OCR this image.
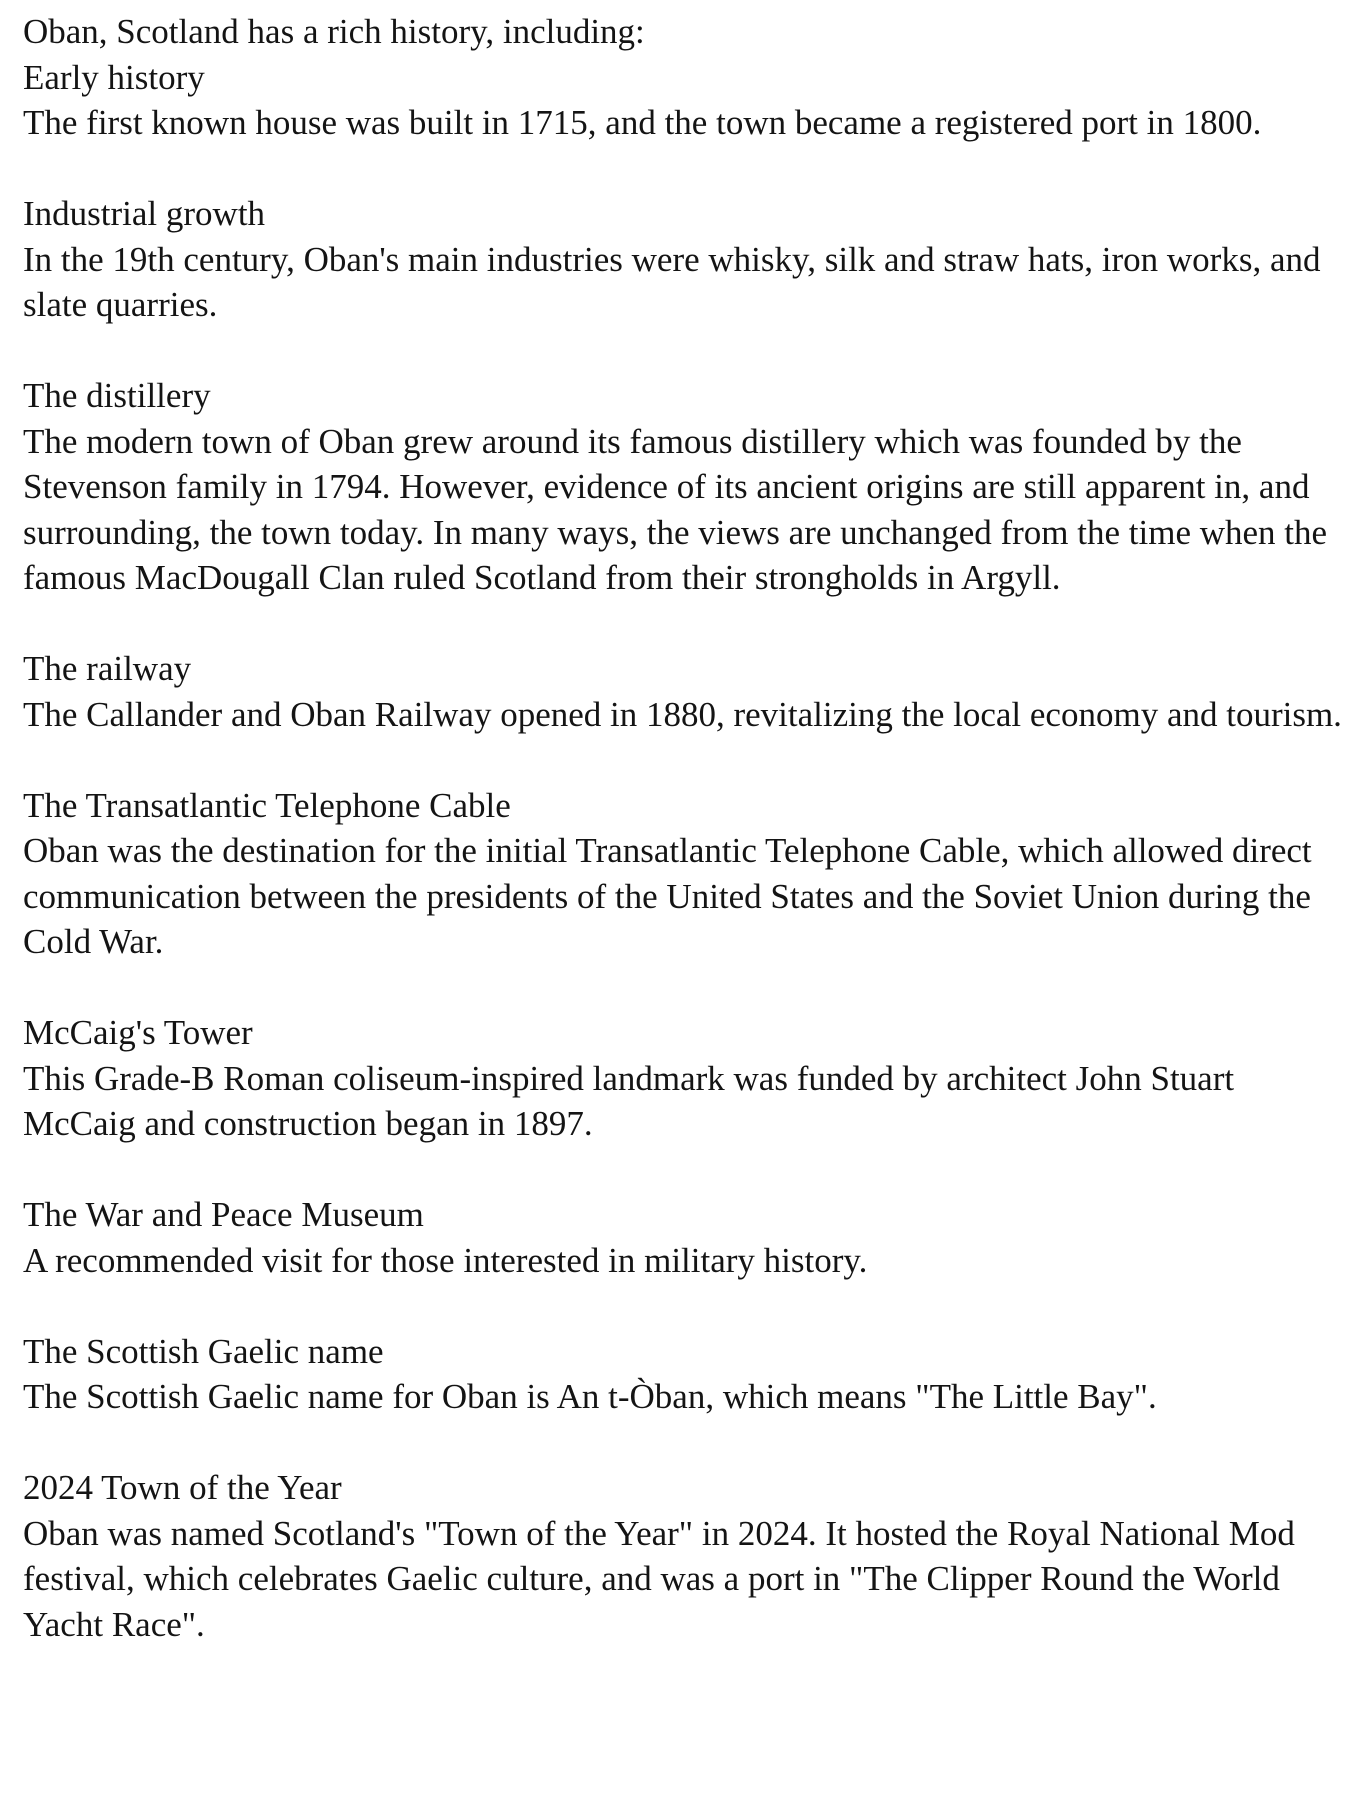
Oban, Scotland has a rich history, including:

Early history

The first known house was built in 1715, and the town became a registered port in 1800.

Industrial growth

In the 19th century, Oban's main industries were whisky, silk and straw hats, iron works, and slate quarries.

The distillery

The modern town of Oban grew around its famous distillery which was founded by the Stevenson family in 1794. However, evidence of its ancient origins are still apparent in, and surrounding, the town today. In many ways, the views are unchanged from the time when the famous MacDougall Clan ruled Scotland from their strongholds in Argyll.

The railway

The Callander and Oban Railway opened in 1880, revitalizing the local economy and tourism.

The Transatlantic Telephone Cable

Oban was the destination for the initial Transatlantic Telephone Cable, which allowed direct communication between the presidents of the United States and the Soviet Union during the Cold War.

McCaig's Tower

This Grade-B Roman coliseum-inspired landmark was funded by architect John Stuart McCaig and construction began in 1897.

The War and Peace Museum

A recommended visit for those interested in military history.

The Scottish Gaelic name

The Scottish Gaelic name for Oban is An t-Òban, which means "The Little Bay".

2024 Town of the Year

Oban was named Scotland's "Town of the Year" in 2024. It hosted the Royal National Mod festival, which celebrates Gaelic culture, and was a port in "The Clipper Round the World Yacht Race".
